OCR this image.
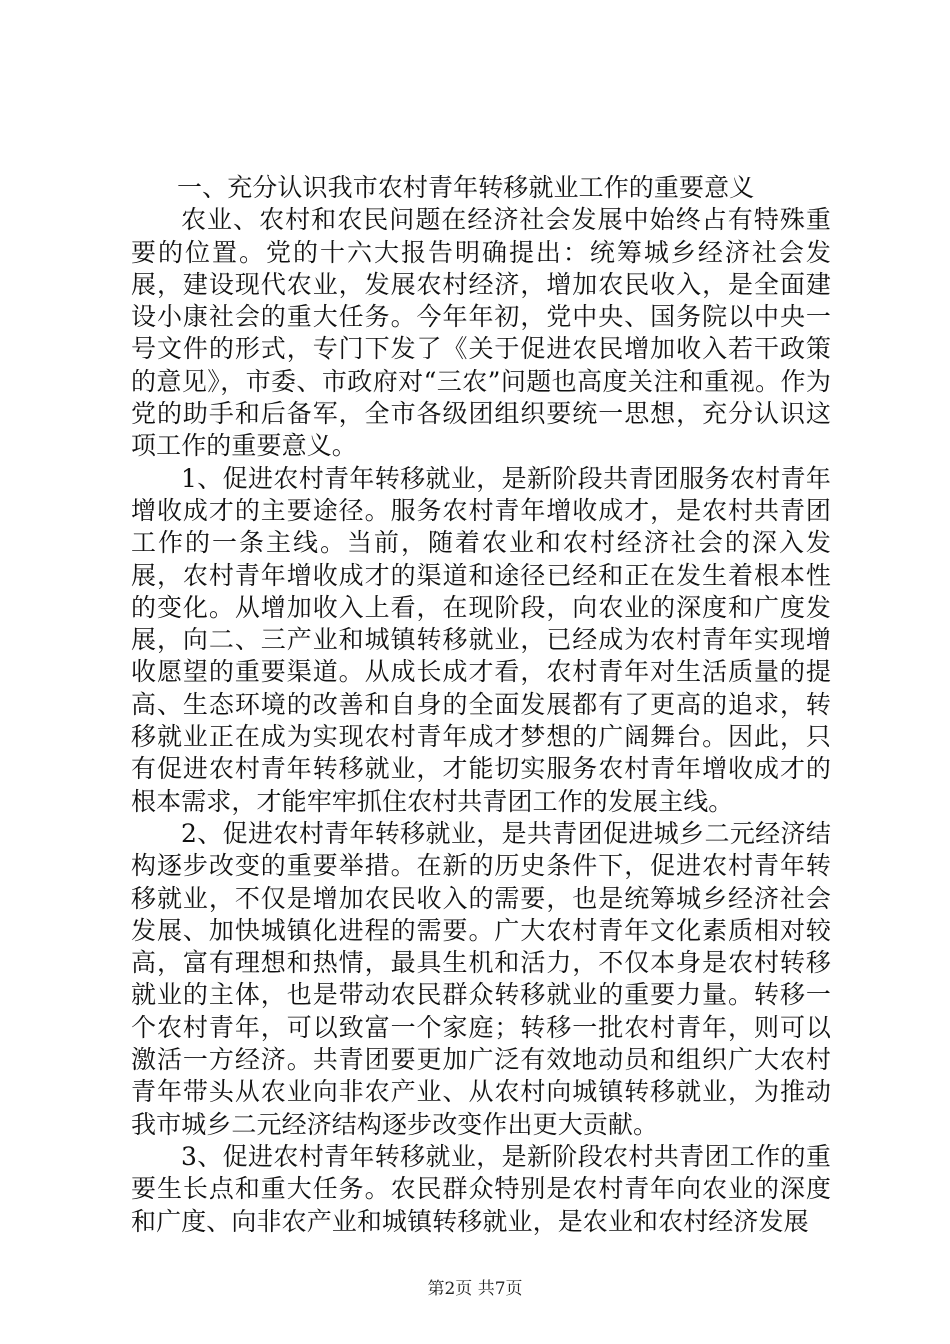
一、充分认识我市农村青年转移就业工作的重要意义

农业、农村和农民问题在经济社会发展中始终占有特殊重要的位置。党的十六大报告明确提出：统筹城乡经济社会发展，建设现代农业，发展农村经济，增加农民收入，是全面建设小康社会的重大任务。今年年初，党中央、国务院以中央一号文件的形式，专门下发了《关于促进农民增加收入若干政策的意见》，市委、市政府对“三农”问题也高度关注和重视。作为党的助手和后备军，全市各级团组织要统一思想，充分认识这项工作的重要意义。

1、促进农村青年转移就业，是新阶段共青团服务农村青年增收成才的主要途径。服务农村青年增收成才，是农村共青团工作的一条主线。当前，随着农业和农村经济社会的深入发展，农村青年增收成才的渠道和途径已经和正在发生着根本性的变化。从增加收入上看，在现阶段，向农业的深度和广度发展，向二、三产业和城镇转移就业，已经成为农村青年实现增收愿望的重要渠道。从成长成才看，农村青年对生活质量的提高、生态环境的改善和自身的全面发展都有了更高的追求，转移就业正在成为实现农村青年成才梦想的广阔舞台。因此，只有促进农村青年转移就业，才能切实服务农村青年增收成才的根本需求，才能牢牢抓住农村共青团工作的发展主线。

2、促进农村青年转移就业，是共青团促进城乡二元经济结构逐步改变的重要举措。在新的历史条件下，促进农村青年转移就业，不仅是增加农民收入的需要，也是统筹城乡经济社会发展、加快城镇化进程的需要。广大农村青年文化素质相对较高，富有理想和热情，最具生机和活力，不仅本身是农村转移就业的主体，也是带动农民群众转移就业的重要力量。转移一个农村青年，可以致富一个家庭；转移一批农村青年，则可以激活一方经济。共青团要更加广泛有效地动员和组织广大农村青年带头从农业向非农产业、从农村向城镇转移就业，为推动我市城乡二元经济结构逐步改变作出更大贡献。

3、促进农村青年转移就业，是新阶段农村共青团工作的重要生长点和重大任务。农民群众特别是农村青年向农业的深度和广度、向非农产业和城镇转移就业，是农业和农村经济发展

第2页 共7页
